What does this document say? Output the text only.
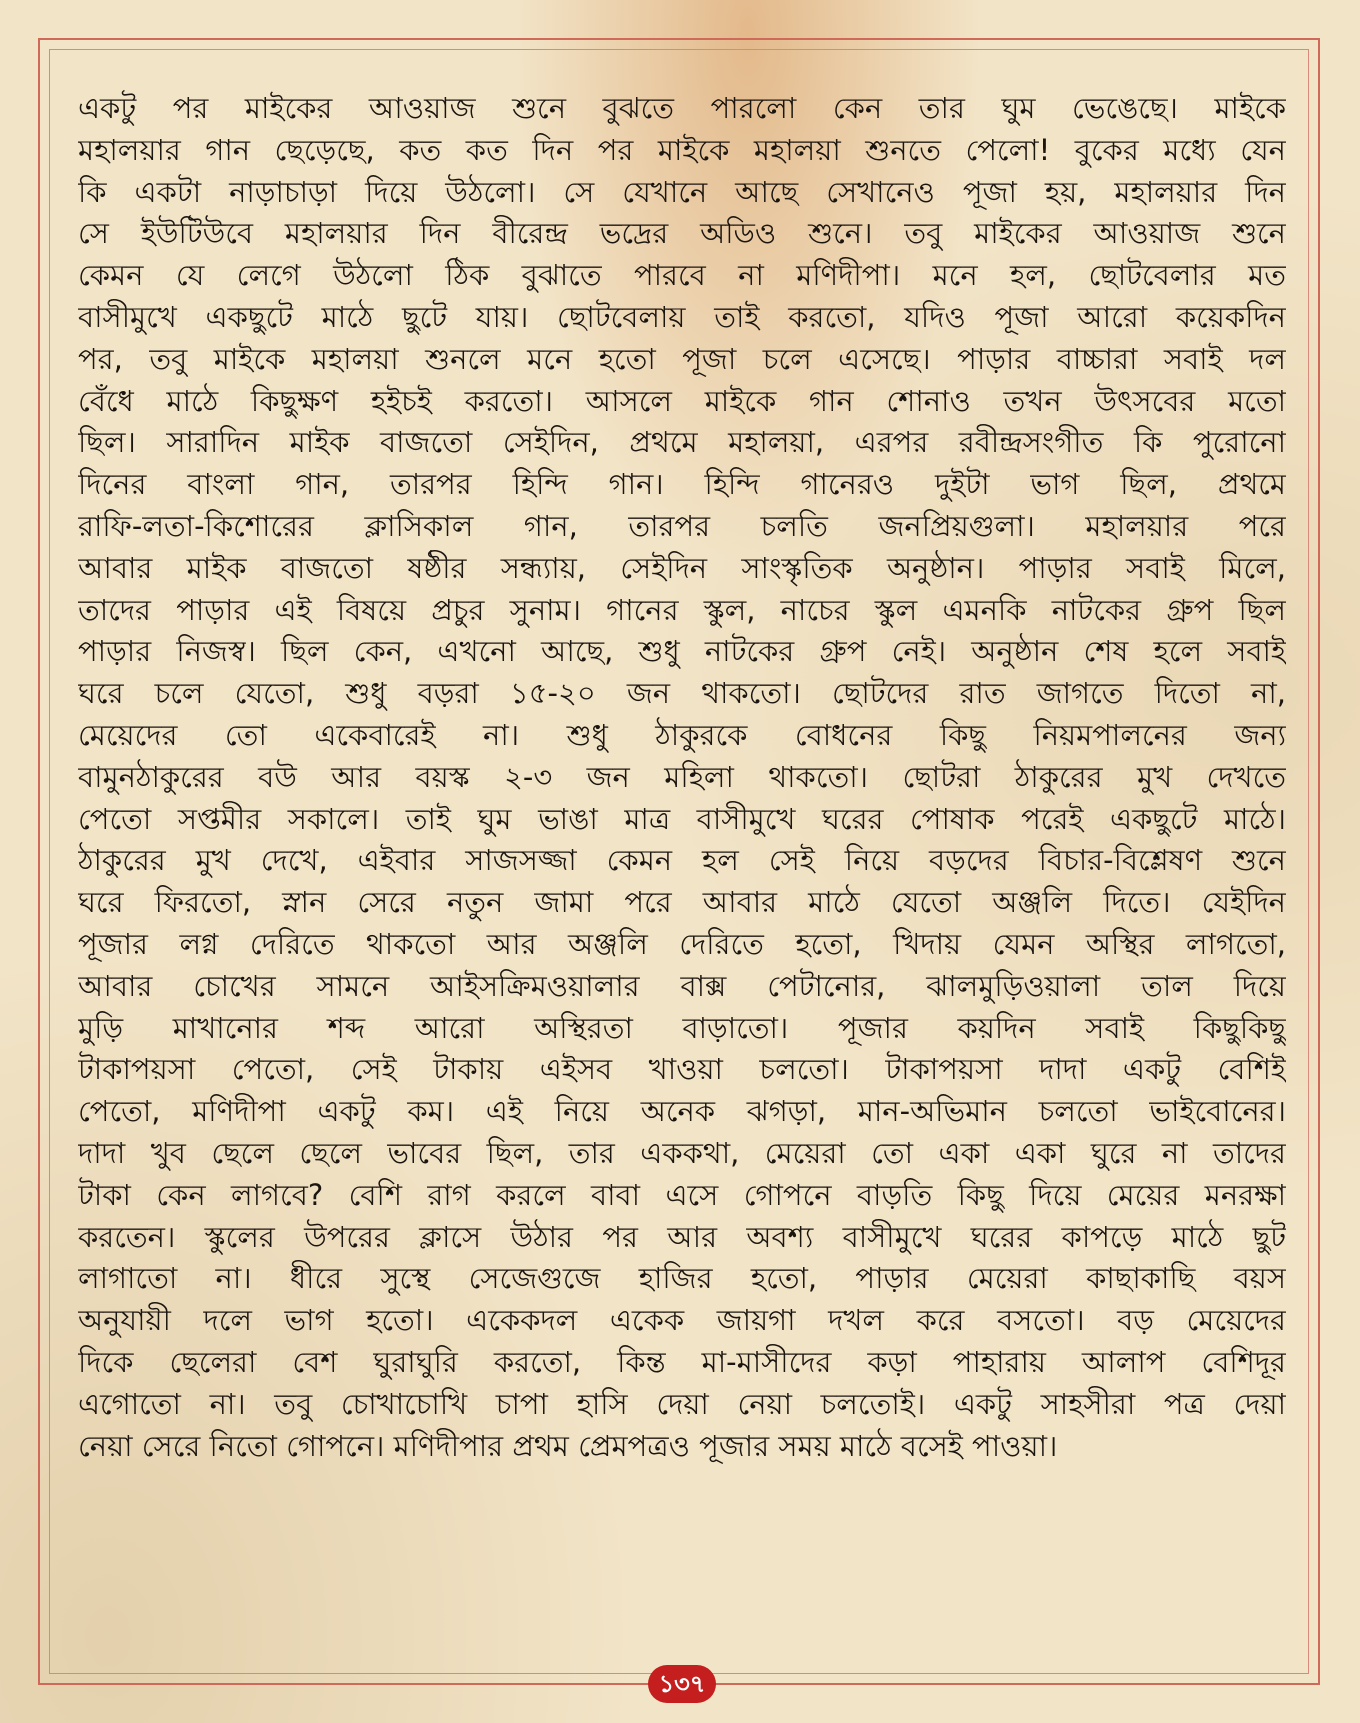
একটু পর মাইকের আওয়াজ শুনে বুঝতে পারলো কেন তার ঘুম ভেঙেছে। মাইকে
মহালয়ার গান ছেড়েছে, কত কত দিন পর মাইকে মহালয়া শুনতে পেলো! বুকের মধ্যে যেন
কি একটা নাড়াচাড়া দিয়ে উঠলো। সে যেখানে আছে সেখানেও পূজা হয়, মহালয়ার দিন
সে ইউটিউবে মহালয়ার দিন বীরেন্দ্র ভদ্রের অডিও শুনে। তবু মাইকের আওয়াজ শুনে
কেমন যে লেগে উঠলো ঠিক বুঝাতে পারবে না মণিদীপা। মনে হল, ছোটবেলার মত
বাসীমুখে একছুটে মাঠে ছুটে যায়। ছোটবেলায় তাই করতো, যদিও পূজা আরো কয়েকদিন
পর, তবু মাইকে মহালয়া শুনলে মনে হতো পূজা চলে এসেছে। পাড়ার বাচ্চারা সবাই দল
বেঁধে মাঠে কিছুক্ষণ হইচই করতো। আসলে মাইকে গান শোনাও তখন উৎসবের মতো
ছিল। সারাদিন মাইক বাজতো সেইদিন, প্রথমে মহালয়া, এরপর রবীন্দ্রসংগীত কি পুরোনো
দিনের বাংলা গান, তারপর হিন্দি গান। হিন্দি গানেরও দুইটা ভাগ ছিল, প্রথমে
রাফি-লতা-কিশোরের ক্লাসিকাল গান, তারপর চলতি জনপ্রিয়গুলা। মহালয়ার পরে
আবার মাইক বাজতো ষষ্ঠীর সন্ধ্যায়, সেইদিন সাংস্কৃতিক অনুষ্ঠান। পাড়ার সবাই মিলে,
তাদের পাড়ার এই বিষয়ে প্রচুর সুনাম। গানের স্কুল, নাচের স্কুল এমনকি নাটকের গ্রুপ ছিল
পাড়ার নিজস্ব। ছিল কেন, এখনো আছে, শুধু নাটকের গ্রুপ নেই। অনুষ্ঠান শেষ হলে সবাই
ঘরে চলে যেতো, শুধু বড়রা ১৫-২০ জন থাকতো। ছোটদের রাত জাগতে দিতো না,
মেয়েদের তো একেবারেই না। শুধু ঠাকুরকে বোধনের কিছু নিয়মপালনের জন্য
বামুনঠাকুরের বউ আর বয়স্ক ২-৩ জন মহিলা থাকতো। ছোটরা ঠাকুরের মুখ দেখতে
পেতো সপ্তমীর সকালে। তাই ঘুম ভাঙা মাত্র বাসীমুখে ঘরের পোষাক পরেই একছুটে মাঠে।
ঠাকুরের মুখ দেখে, এইবার সাজসজ্জা কেমন হল সেই নিয়ে বড়দের বিচার-বিশ্লেষণ শুনে
ঘরে ফিরতো, স্নান সেরে নতুন জামা পরে আবার মাঠে যেতো অঞ্জলি দিতে। যেইদিন
পূজার লগ্ন দেরিতে থাকতো আর অঞ্জলি দেরিতে হতো, খিদায় যেমন অস্থির লাগতো,
আবার চোখের সামনে আইসক্রিমওয়ালার বাক্স পেটানোর, ঝালমুড়িওয়ালা তাল দিয়ে
মুড়ি মাখানোর শব্দ আরো অস্থিরতা বাড়াতো। পূজার কয়দিন সবাই কিছুকিছু
টাকাপয়সা পেতো, সেই টাকায় এইসব খাওয়া চলতো। টাকাপয়সা দাদা একটু বেশিই
পেতো, মণিদীপা একটু কম। এই নিয়ে অনেক ঝগড়া, মান-অভিমান চলতো ভাইবোনের।
দাদা খুব ছেলে ছেলে ভাবের ছিল, তার এককথা, মেয়েরা তো একা একা ঘুরে না তাদের
টাকা কেন লাগবে? বেশি রাগ করলে বাবা এসে গোপনে বাড়তি কিছু দিয়ে মেয়ের মনরক্ষা
করতেন। স্কুলের উপরের ক্লাসে উঠার পর আর অবশ্য বাসীমুখে ঘরের কাপড়ে মাঠে ছুট
লাগাতো না। ধীরে সুস্থে সেজেগুজে হাজির হতো, পাড়ার মেয়েরা কাছাকাছি বয়স
অনুযায়ী দলে ভাগ হতো। একেকদল একেক জায়গা দখল করে বসতো। বড় মেয়েদের
দিকে ছেলেরা বেশ ঘুরাঘুরি করতো, কিন্ত মা-মাসীদের কড়া পাহারায় আলাপ বেশিদূর
এগোতো না। তবু চোখাচোখি চাপা হাসি দেয়া নেয়া চলতোই। একটু সাহসীরা পত্র দেয়া
নেয়া সেরে নিতো গোপনে। মণিদীপার প্রথম প্রেমপত্রও পূজার সময় মাঠে বসেই পাওয়া।
১৩৭
